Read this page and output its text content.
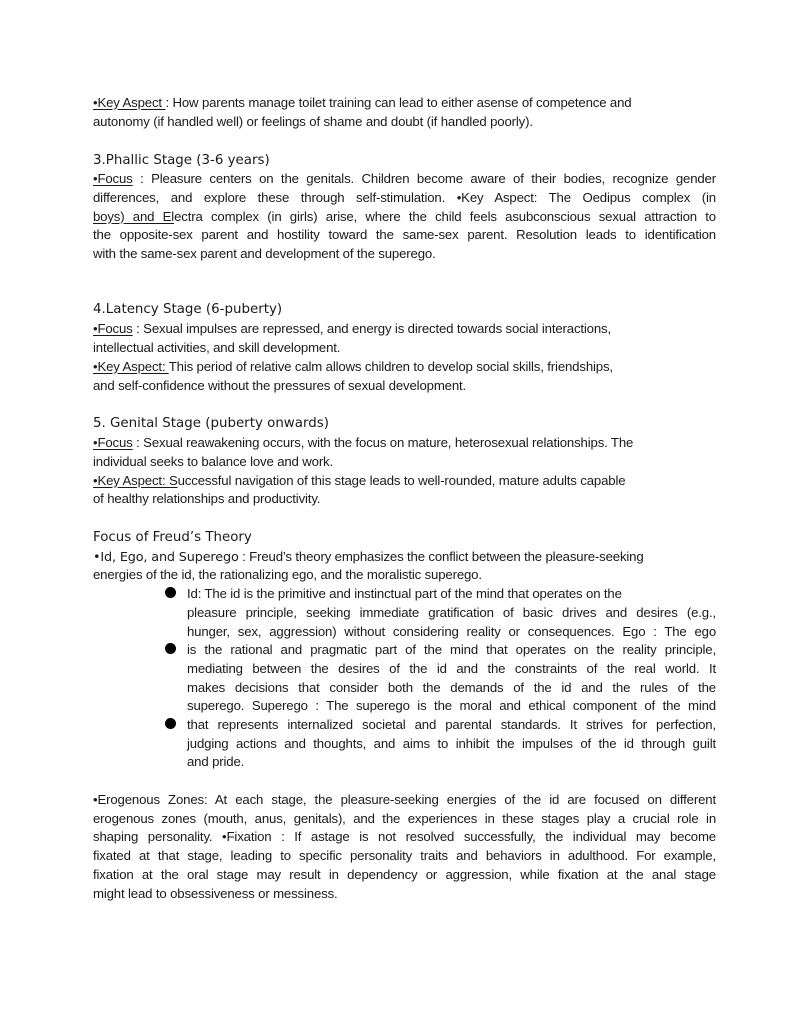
•Key Aspect : How parents manage toilet training can lead to either asense of competence and
autonomy (if handled well) or feelings of shame and doubt (if handled poorly).
3.Phallic Stage (3-6 years)
•Focus : Pleasure centers on the genitals. Children become aware of their bodies, recognize gender
differences, and explore these through self-stimulation. •Key Aspect: The Oedipus complex (in
boys) and Electra complex (in girls) arise, where the child feels asubconscious sexual attraction to
the opposite-sex parent and hostility toward the same-sex parent. Resolution leads to identification
with the same-sex parent and development of the superego.
4.Latency Stage (6-puberty)
•Focus : Sexual impulses are repressed, and energy is directed towards social interactions,
intellectual activities, and skill development.
•Key Aspect: This period of relative calm allows children to develop social skills, friendships,
and self-confidence without the pressures of sexual development.
5. Genital Stage (puberty onwards)
•Focus : Sexual reawakening occurs, with the focus on mature, heterosexual relationships. The
individual seeks to balance love and work.
•Key Aspect: Successful navigation of this stage leads to well-rounded, mature adults capable
of healthy relationships and productivity.
Focus of Freud’s Theory
•Id, Ego, and Superego : Freud’s theory emphasizes the conflict between the pleasure-seeking
energies of the id, the rationalizing ego, and the moralistic superego.
Id: The id is the primitive and instinctual part of the mind that operates on the
pleasure principle, seeking immediate gratification of basic drives and desires (e.g.,
hunger, sex, aggression) without considering reality or consequences. Ego : The ego
is the rational and pragmatic part of the mind that operates on the reality principle,
mediating between the desires of the id and the constraints of the real world. It
makes decisions that consider both the demands of the id and the rules of the
superego. Superego : The superego is the moral and ethical component of the mind
that represents internalized societal and parental standards. It strives for perfection,
judging actions and thoughts, and aims to inhibit the impulses of the id through guilt
and pride.
•Erogenous Zones: At each stage, the pleasure-seeking energies of the id are focused on different
erogenous zones (mouth, anus, genitals), and the experiences in these stages play a crucial role in
shaping personality. •Fixation : If astage is not resolved successfully, the individual may become
fixated at that stage, leading to specific personality traits and behaviors in adulthood. For example,
fixation at the oral stage may result in dependency or aggression, while fixation at the anal stage
might lead to obsessiveness or messiness.
